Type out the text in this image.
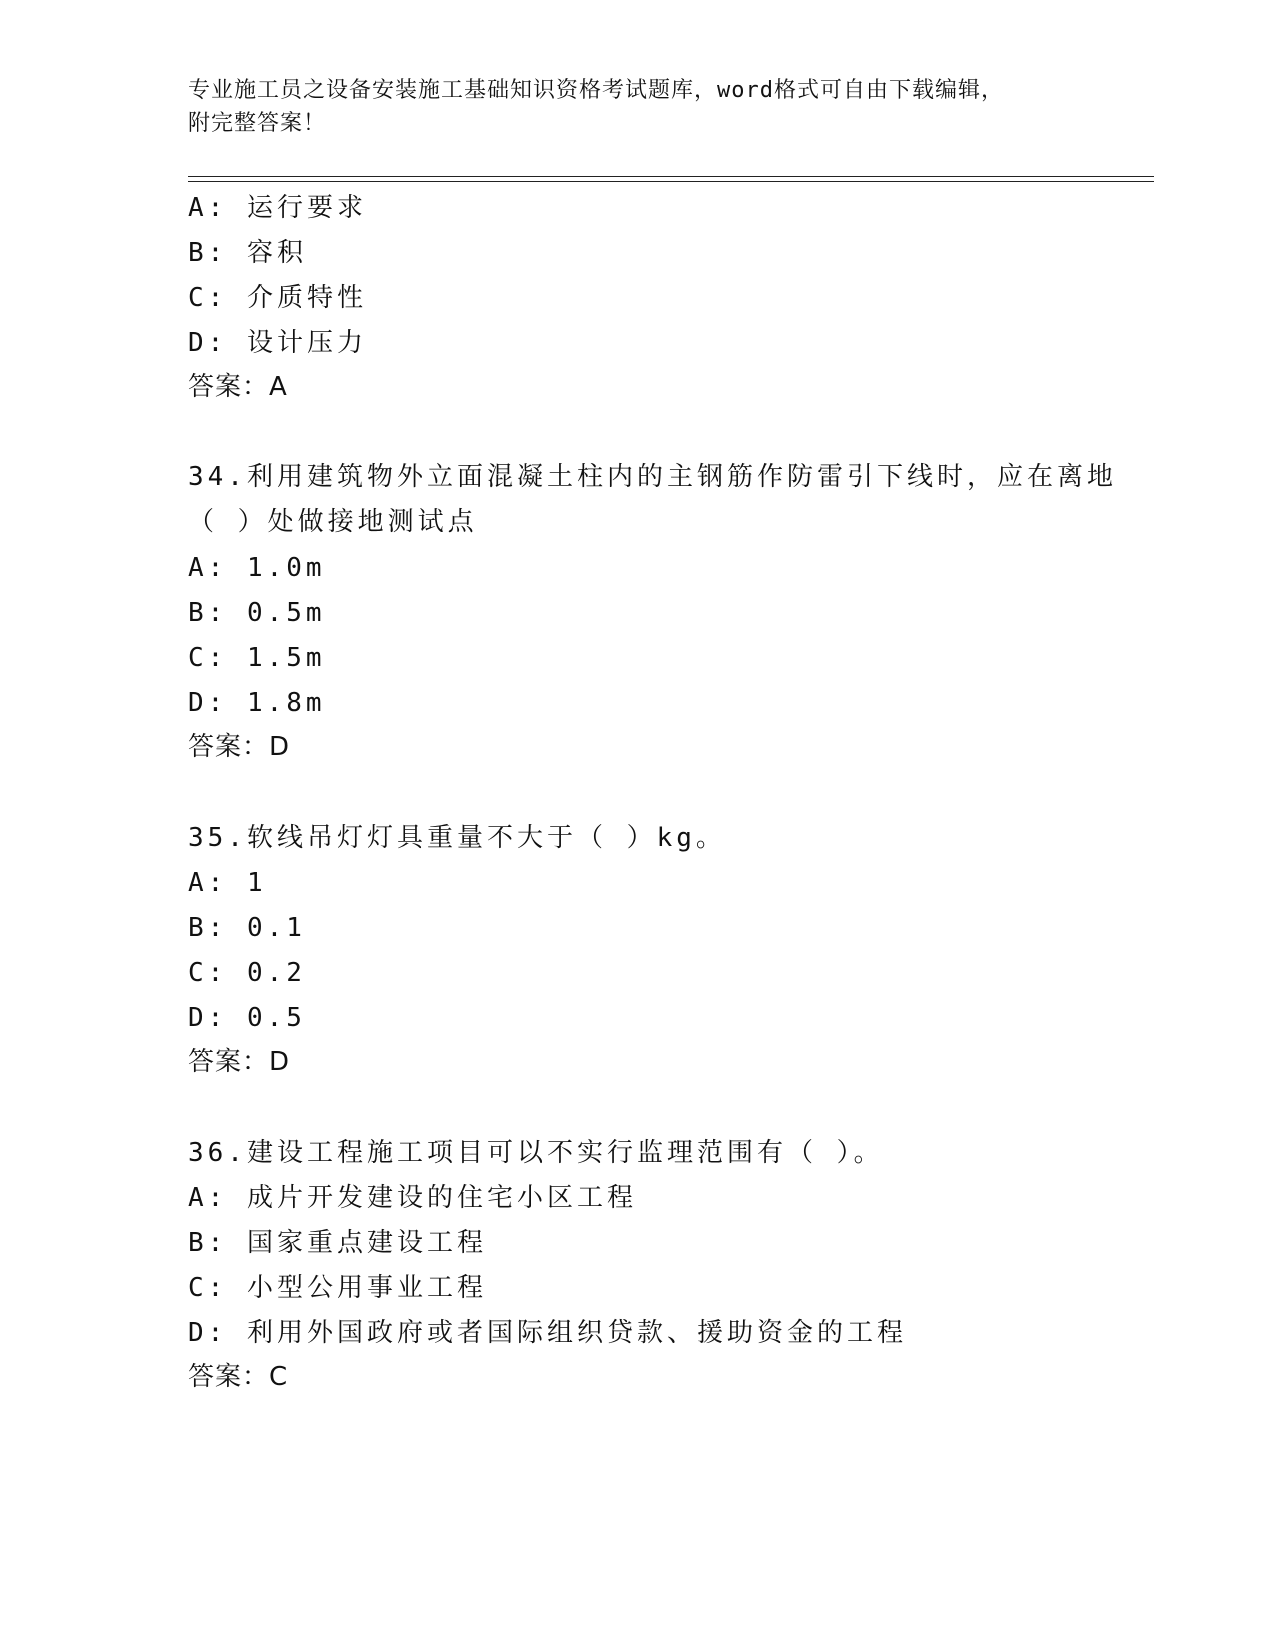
专业施工员之设备安装施工基础知识资格考试题库，word格式可自由下载编辑，
附完整答案！
A: 运行要求
B: 容积
C: 介质特性
D: 设计压力
答案：A
34.利用建筑物外立面混凝土柱内的主钢筋作防雷引下线时，应在离地
（ ）处做接地测试点
A: 1.0m
B: 0.5m
C: 1.5m
D: 1.8m
答案：D
35.软线吊灯灯具重量不大于（ ）kg。
A: 1
B: 0.1
C: 0.2
D: 0.5
答案：D
36.建设工程施工项目可以不实行监理范围有（ ）。
A: 成片开发建设的住宅小区工程
B: 国家重点建设工程
C: 小型公用事业工程
D: 利用外国政府或者国际组织贷款、援助资金的工程
答案：C
